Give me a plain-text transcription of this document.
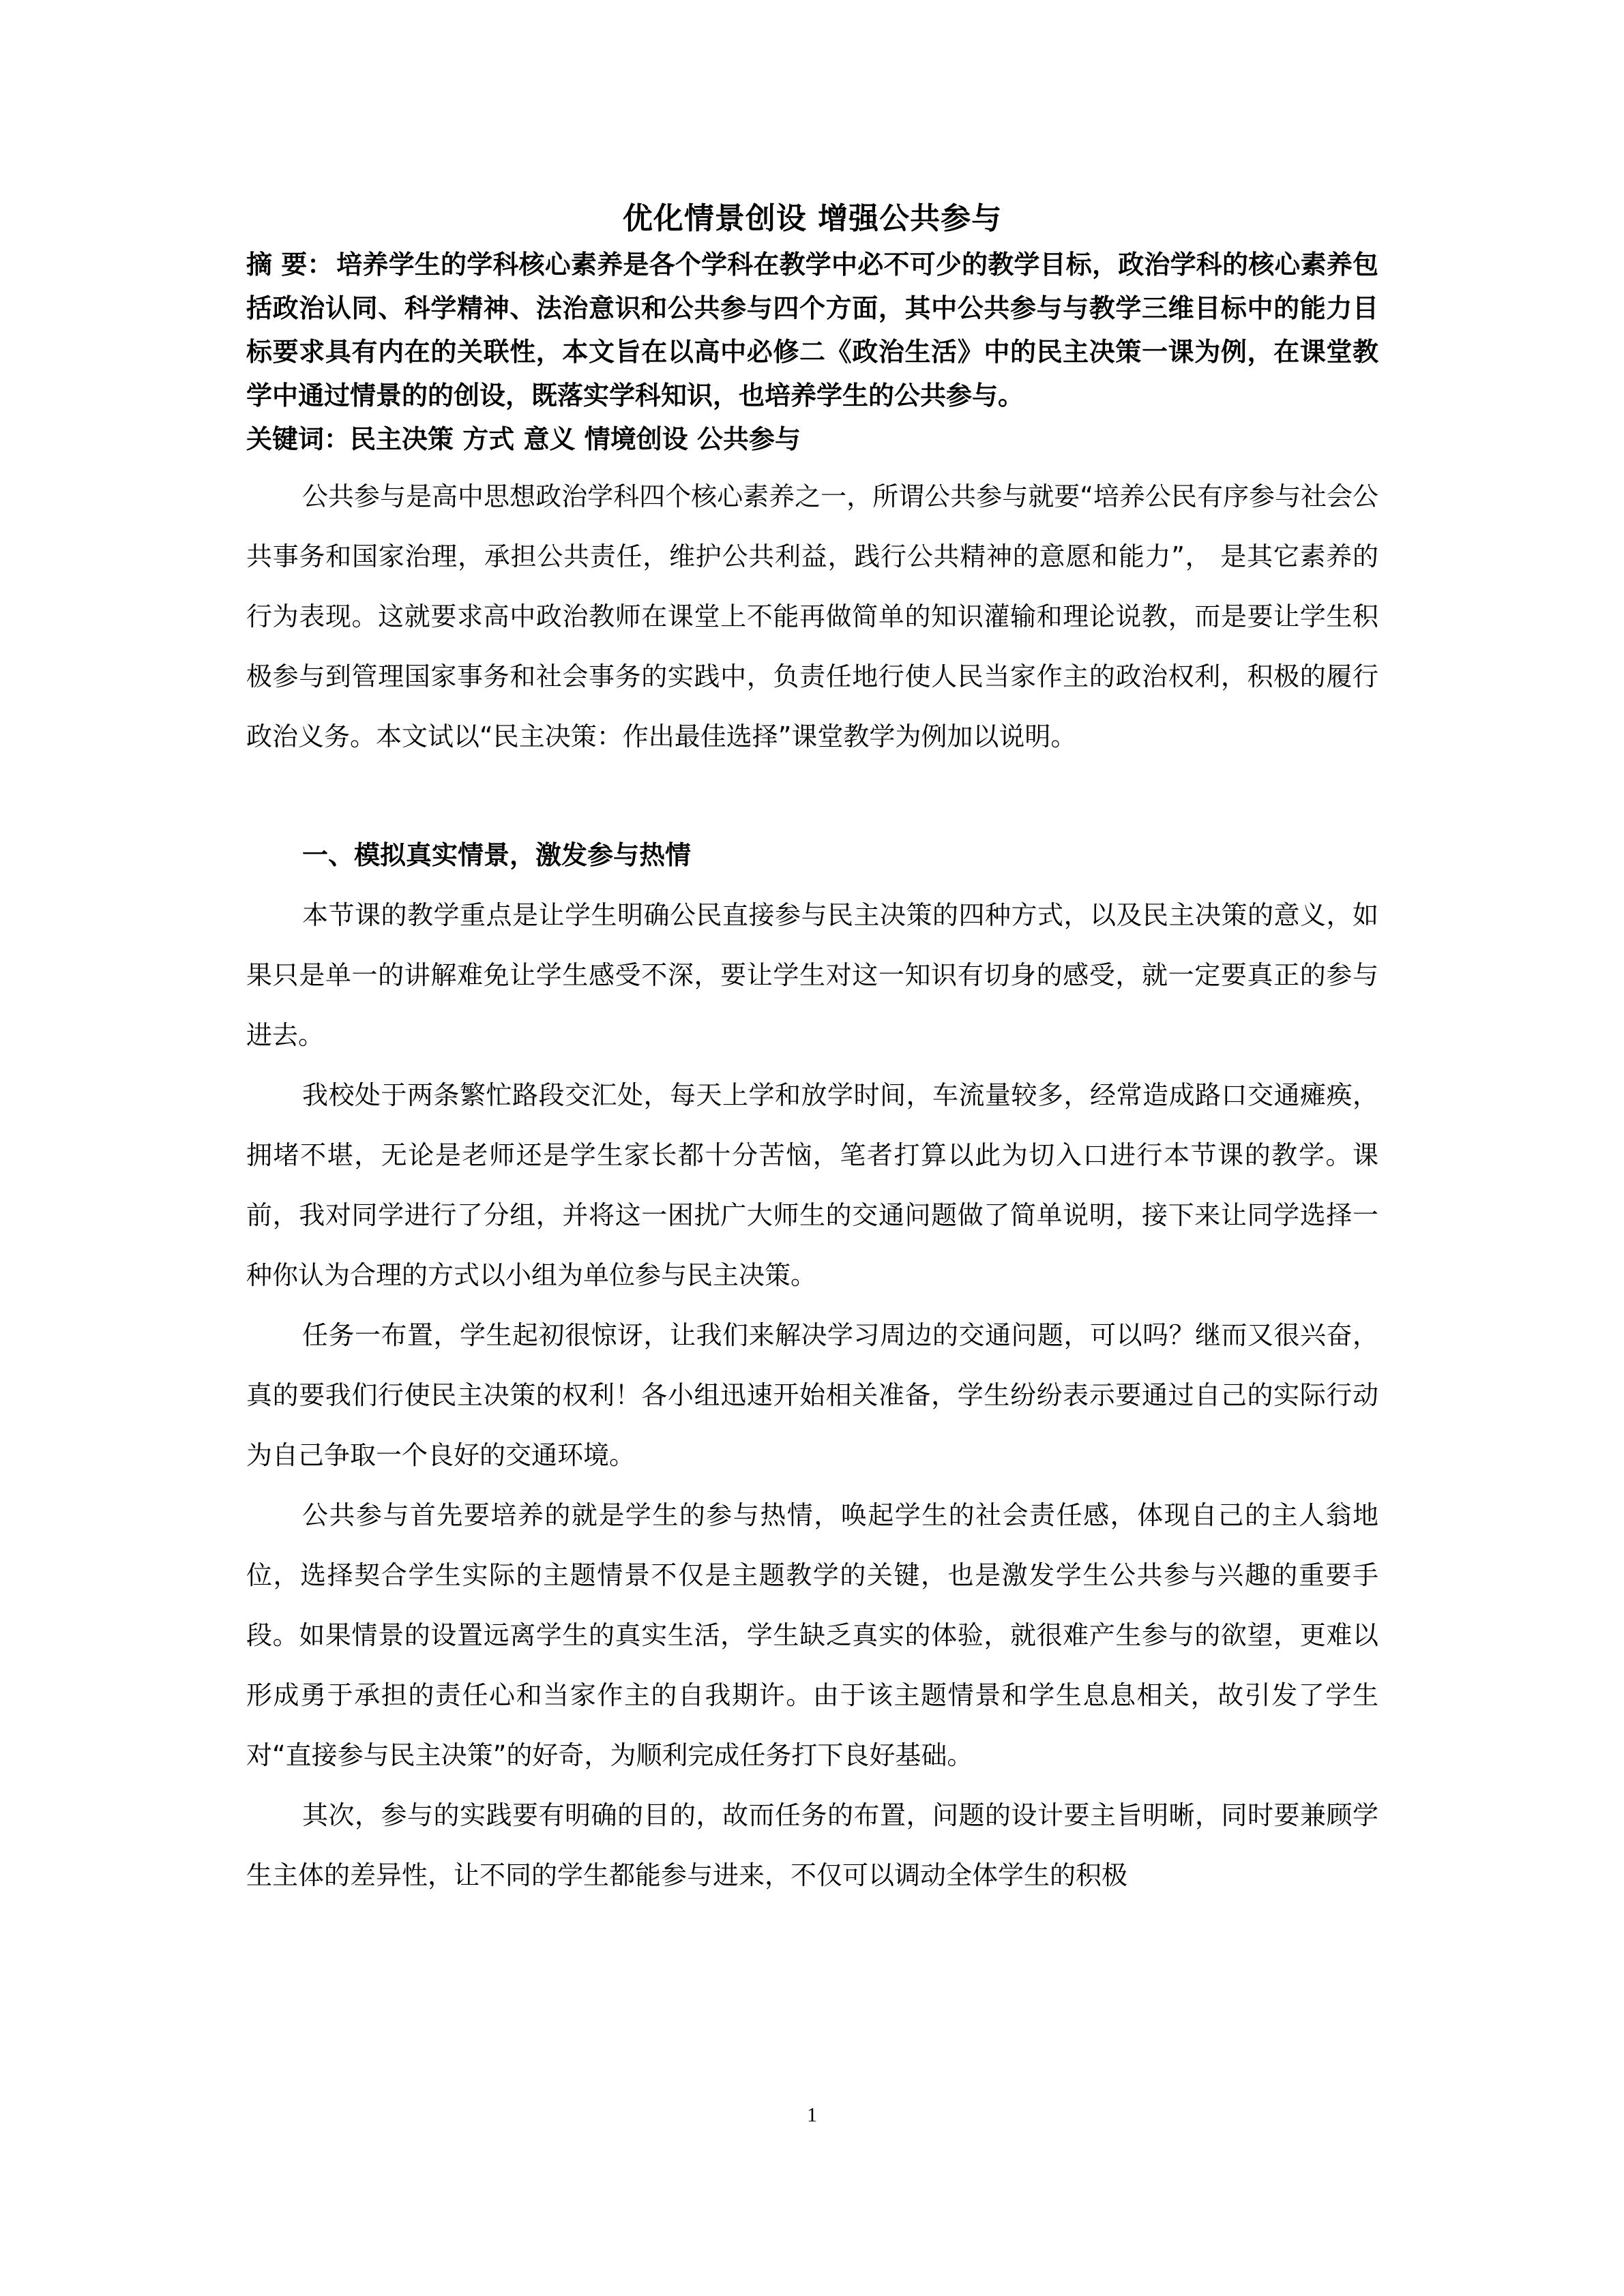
优化情景创设 增强公共参与

摘 要： 培养学生的学科核心素养是各个学科在教学中必不可少的教学目标，政治学科的核心素养包括政治认同、科学精神、法治意识和公共参与四个方面，其中公共参与与教学三维目标中的能力目标要求具有内在的关联性，本文旨在以高中必修二《政治生活》中的民主决策一课为例，在课堂教学中通过情景的的创设，既落实学科知识，也培养学生的公共参与。

关键词：民主决策 方式 意义 情境创设 公共参与

公共参与是高中思想政治学科四个核心素养之一，所谓公共参与就要“培养公民有序参与社会公共事务和国家治理，承担公共责任，维护公共利益，践行公共精神的意愿和能力”， 是其它素养的行为表现。这就要求高中政治教师在课堂上不能再做简单的知识灌输和理论说教，而是要让学生积极参与到管理国家事务和社会事务的实践中，负责任地行使人民当家作主的政治权利，积极的履行政治义务。本文试以“民主决策：作出最佳选择”课堂教学为例加以说明。

一、模拟真实情景，激发参与热情

本节课的教学重点是让学生明确公民直接参与民主决策的四种方式，以及民主决策的意义，如果只是单一的讲解难免让学生感受不深，要让学生对这一知识有切身的感受，就一定要真正的参与进去。

我校处于两条繁忙路段交汇处，每天上学和放学时间，车流量较多，经常造成路口交通瘫痪，拥堵不堪，无论是老师还是学生家长都十分苦恼，笔者打算以此为切入口进行本节课的教学。课前，我对同学进行了分组，并将这一困扰广大师生的交通问题做了简单说明，接下来让同学选择一种你认为合理的方式以小组为单位参与民主决策。

任务一布置，学生起初很惊讶，让我们来解决学习周边的交通问题，可以吗？继而又很兴奋，真的要我们行使民主决策的权利！各小组迅速开始相关准备，学生纷纷表示要通过自己的实际行动为自己争取一个良好的交通环境。

公共参与首先要培养的就是学生的参与热情，唤起学生的社会责任感，体现自己的主人翁地位，选择契合学生实际的主题情景不仅是主题教学的关键，也是激发学生公共参与兴趣的重要手段。如果情景的设置远离学生的真实生活，学生缺乏真实的体验，就很难产生参与的欲望，更难以形成勇于承担的责任心和当家作主的自我期许。由于该主题情景和学生息息相关，故引发了学生对“直接参与民主决策”的好奇，为顺利完成任务打下良好基础。

其次，参与的实践要有明确的目的，故而任务的布置，问题的设计要主旨明晰，同时要兼顾学生主体的差异性，让不同的学生都能参与进来，不仅可以调动全体学生的积极

1
